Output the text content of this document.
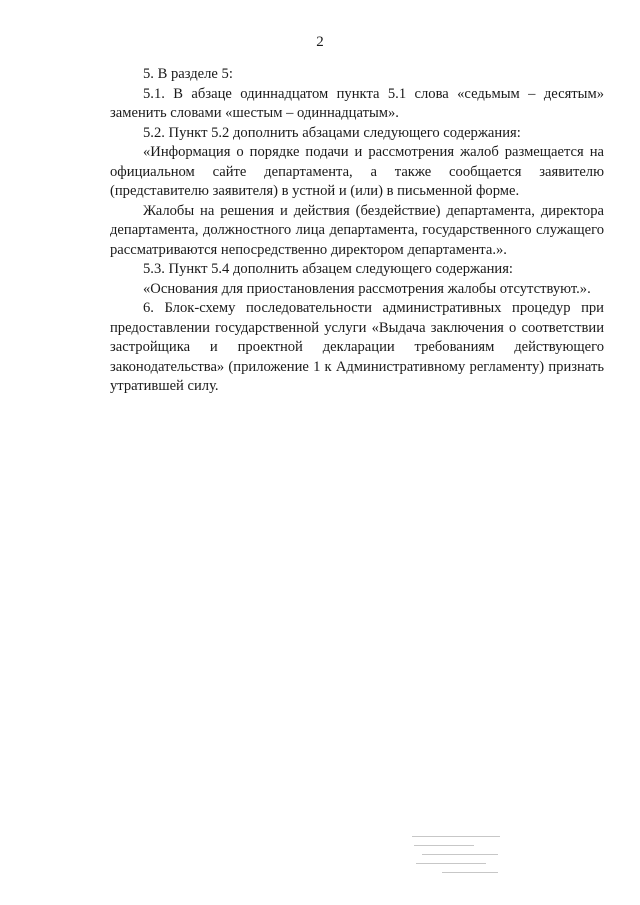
2

5. В разделе 5:

5.1. В абзаце одиннадцатом пункта 5.1 слова «седьмым – десятым» заменить словами «шестым – одиннадцатым».

5.2. Пункт 5.2 дополнить абзацами следующего содержания:

«Информация о порядке подачи и рассмотрения жалоб размещается на официальном сайте департамента, а также сообщается заявителю (представителю заявителя) в устной и (или) в письменной форме.

Жалобы на решения и действия (бездействие) департамента, директора департамента, должностного лица департамента, государственного служащего рассматриваются непосредственно директором департамента.».

5.3. Пункт 5.4 дополнить абзацем следующего содержания:

«Основания для приостановления рассмотрения жалобы отсутствуют.».

6. Блок-схему последовательности административных процедур при предоставлении государственной услуги «Выдача заключения о соответствии застройщика и проектной декларации требованиям действующего законодательства» (приложение 1 к Административному регламенту) признать утратившей силу.
